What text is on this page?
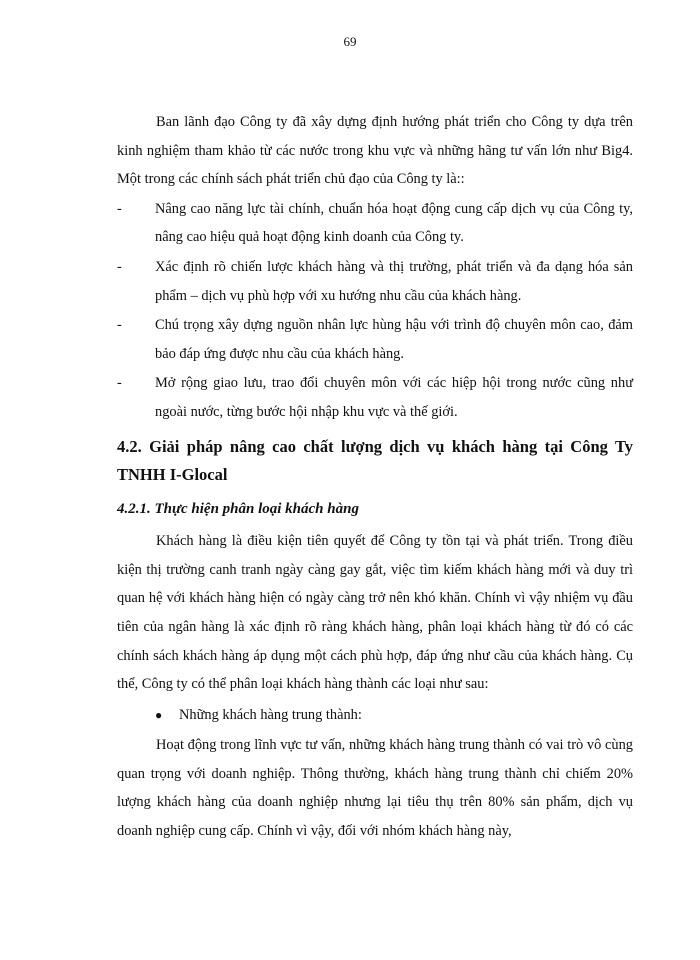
69

Ban lãnh đạo Công ty đã xây dựng định hướng phát triển cho Công ty dựa trên kinh nghiệm tham khảo từ các nước trong khu vực và những hãng tư vấn lớn như Big4. Một trong các chính sách phát triển chủ đạo của Công ty là::

- Nâng cao năng lực tài chính, chuẩn hóa hoạt động cung cấp dịch vụ của Công ty, nâng cao hiệu quả hoạt động kinh doanh của Công ty.
- Xác định rõ chiến lược khách hàng và thị trường, phát triển và đa dạng hóa sản phẩm – dịch vụ phù hợp với xu hướng nhu cầu của khách hàng.
- Chú trọng xây dựng nguồn nhân lực hùng hậu với trình độ chuyên môn cao, đảm bảo đáp ứng được nhu cầu của khách hàng.
- Mở rộng giao lưu, trao đổi chuyên môn với các hiệp hội trong nước cũng như ngoài nước, từng bước hội nhập khu vực và thế giới.
4.2. Giải pháp nâng cao chất lượng dịch vụ khách hàng tại Công Ty TNHH I-Glocal
4.2.1. Thực hiện phân loại khách hàng

Khách hàng là điều kiện tiên quyết để Công ty tồn tại và phát triển. Trong điều kiện thị trường canh tranh ngày càng gay gắt, việc tìm kiếm khách hàng mới và duy trì quan hệ với khách hàng hiện có ngày càng trở nên khó khăn. Chính vì vậy nhiệm vụ đầu tiên của ngân hàng là xác định rõ ràng khách hàng, phân loại khách hàng từ đó có các chính sách khách hàng áp dụng một cách phù hợp, đáp ứng như cầu của khách hàng. Cụ thể, Công ty có thể phân loại khách hàng thành các loại như sau:

● Những khách hàng trung thành:

Hoạt động trong lĩnh vực tư vấn, những khách hàng trung thành có vai trò vô cùng quan trọng với doanh nghiệp. Thông thường, khách hàng trung thành chỉ chiếm 20% lượng khách hàng của doanh nghiệp nhưng lại tiêu thụ trên 80% sản phẩm, dịch vụ doanh nghiệp cung cấp. Chính vì vậy, đối với nhóm khách hàng này,
